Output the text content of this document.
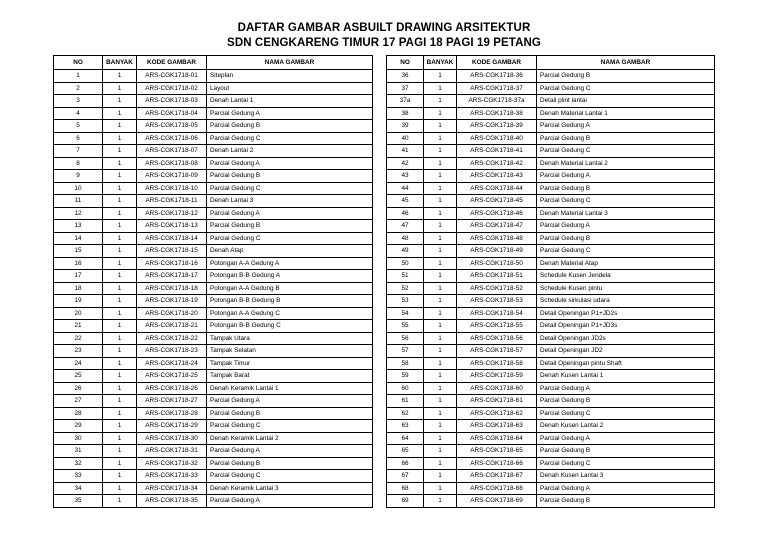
DAFTAR GAMBAR ASBUILT DRAWING ARSITEKTUR
SDN CENGKARENG TIMUR 17 PAGI 18 PAGI 19 PETANG
NO	BANYAK	KODE GAMBAR	NAMA GAMBAR
1	1	ARS-CGK1718-01	Siteplan
2	1	ARS-CGK1718-02	Layout
3	1	ARS-CGK1718-03	Denah Lantai 1
4	1	ARS-CGK1718-04	Parcial Gedung A
5	1	ARS-CGK1718-05	Parcial Gedung B
6	1	ARS-CGK1718-06	Parcial Gedung C
7	1	ARS-CGK1718-07	Denah Lantai 2
8	1	ARS-CGK1718-08	Parcial Gedung A
9	1	ARS-CGK1718-09	Parcial Gedung B
10	1	ARS-CGK1718-10	Parcial Gedung C
11	1	ARS-CGK1718-11	Denah Lantai 3
12	1	ARS-CGK1718-12	Parcial Gedung A
13	1	ARS-CGK1718-13	Parcial Gedung B
14	1	ARS-CGK1718-14	Parcial Gedung C
15	1	ARS-CGK1718-15	Denah Atap
16	1	ARS-CGK1718-16	Potongan A-A Gedung A
17	1	ARS-CGK1718-17	Potongan B-B Gedung A
18	1	ARS-CGK1718-18	Potongan A-A Gedung B
19	1	ARS-CGK1718-19	Potongan B-B Gedung B
20	1	ARS-CGK1718-20	Potongan A-A Gedung C
21	1	ARS-CGK1718-21	Potongan B-B Gedung C
22	1	ARS-CGK1718-22	Tampak Utara
23	1	ARS-CGK1718-23	Tampak Selatan
24	1	ARS-CGK1718-24	Tampak Timur
25	1	ARS-CGK1718-25	Tampak Barat
26	1	ARS-CGK1718-26	Denah Keramik Lantai 1
27	1	ARS-CGK1718-27	Parcial Gedung A
28	1	ARS-CGK1718-28	Parcial Gedung B
29	1	ARS-CGK1718-29	Parcial Gedung C
30	1	ARS-CGK1718-30	Denah Keramik Lantai 2
31	1	ARS-CGK1718-31	Parcial Gedung A
32	1	ARS-CGK1718-32	Parcial Gedung B
33	1	ARS-CGK1718-33	Parcial Gedung C
34	1	ARS-CGK1718-34	Denah Keramik Lantai 3
35	1	ARS-CGK1718-35	Parcial Gedung A
NO	BANYAK	KODE GAMBAR	NAMA GAMBAR
36	1	ARS-CGK1718-36	Parcial Gedung B
37	1	ARS-CGK1718-37	Parcial Gedung C
37a	1	ARS-CGK1718-37a	Detail plint lantai
38	1	ARS-CGK1718-38	Denah Material Lantai 1
39	1	ARS-CGK1718-39	Parcial Gedung A
40	1	ARS-CGK1718-40	Parcial Gedung B
41	1	ARS-CGK1718-41	Parcial Gedung C
42	1	ARS-CGK1718-42	Denah Material Lantai 2
43	1	ARS-CGK1718-43	Parcial Gedung A
44	1	ARS-CGK1718-44	Parcial Gedung B
45	1	ARS-CGK1718-45	Parcial Gedung C
46	1	ARS-CGK1718-46	Denah Material Lantai 3
47	1	ARS-CGK1718-47	Parcial Gedung A
48	1	ARS-CGK1718-48	Parcial Gedung B
49	1	ARS-CGK1718-49	Parcial Gedung C
50	1	ARS-CGK1718-50	Denah Material Atap
51	1	ARS-CGK1718-51	Schedule Kusen Jendela
52	1	ARS-CGK1718-52	Schedule Kusen pintu
53	1	ARS-CGK1718-53	Schedule sirkulasi udara
54	1	ARS-CGK1718-54	Detail Openingan P1+JD2s
55	1	ARS-CGK1718-55	Detail Openingan P1+JD3s
56	1	ARS-CGK1718-56	Detail Openingan JD2s
57	1	ARS-CGK1718-57	Detail Openingan JD2
58	1	ARS-CGK1718-58	Detail Openingan pintu Shaft
59	1	ARS-CGK1718-59	Denah Kusen Lantai 1
60	1	ARS-CGK1718-60	Parcial Gedung A
61	1	ARS-CGK1718-61	Parcial Gedung B
62	1	ARS-CGK1718-62	Parcial Gedung C
63	1	ARS-CGK1718-63	Denah Kusen Lantai 2
64	1	ARS-CGK1718-64	Parcial Gedung A
65	1	ARS-CGK1718-65	Parcial Gedung B
66	1	ARS-CGK1718-66	Parcial Gedung C
67	1	ARS-CGK1718-67	Denah Kusen Lantai 3
68	1	ARS-CGK1718-68	Parcial Gedung A
69	1	ARS-CGK1718-69	Parcial Gedung B
